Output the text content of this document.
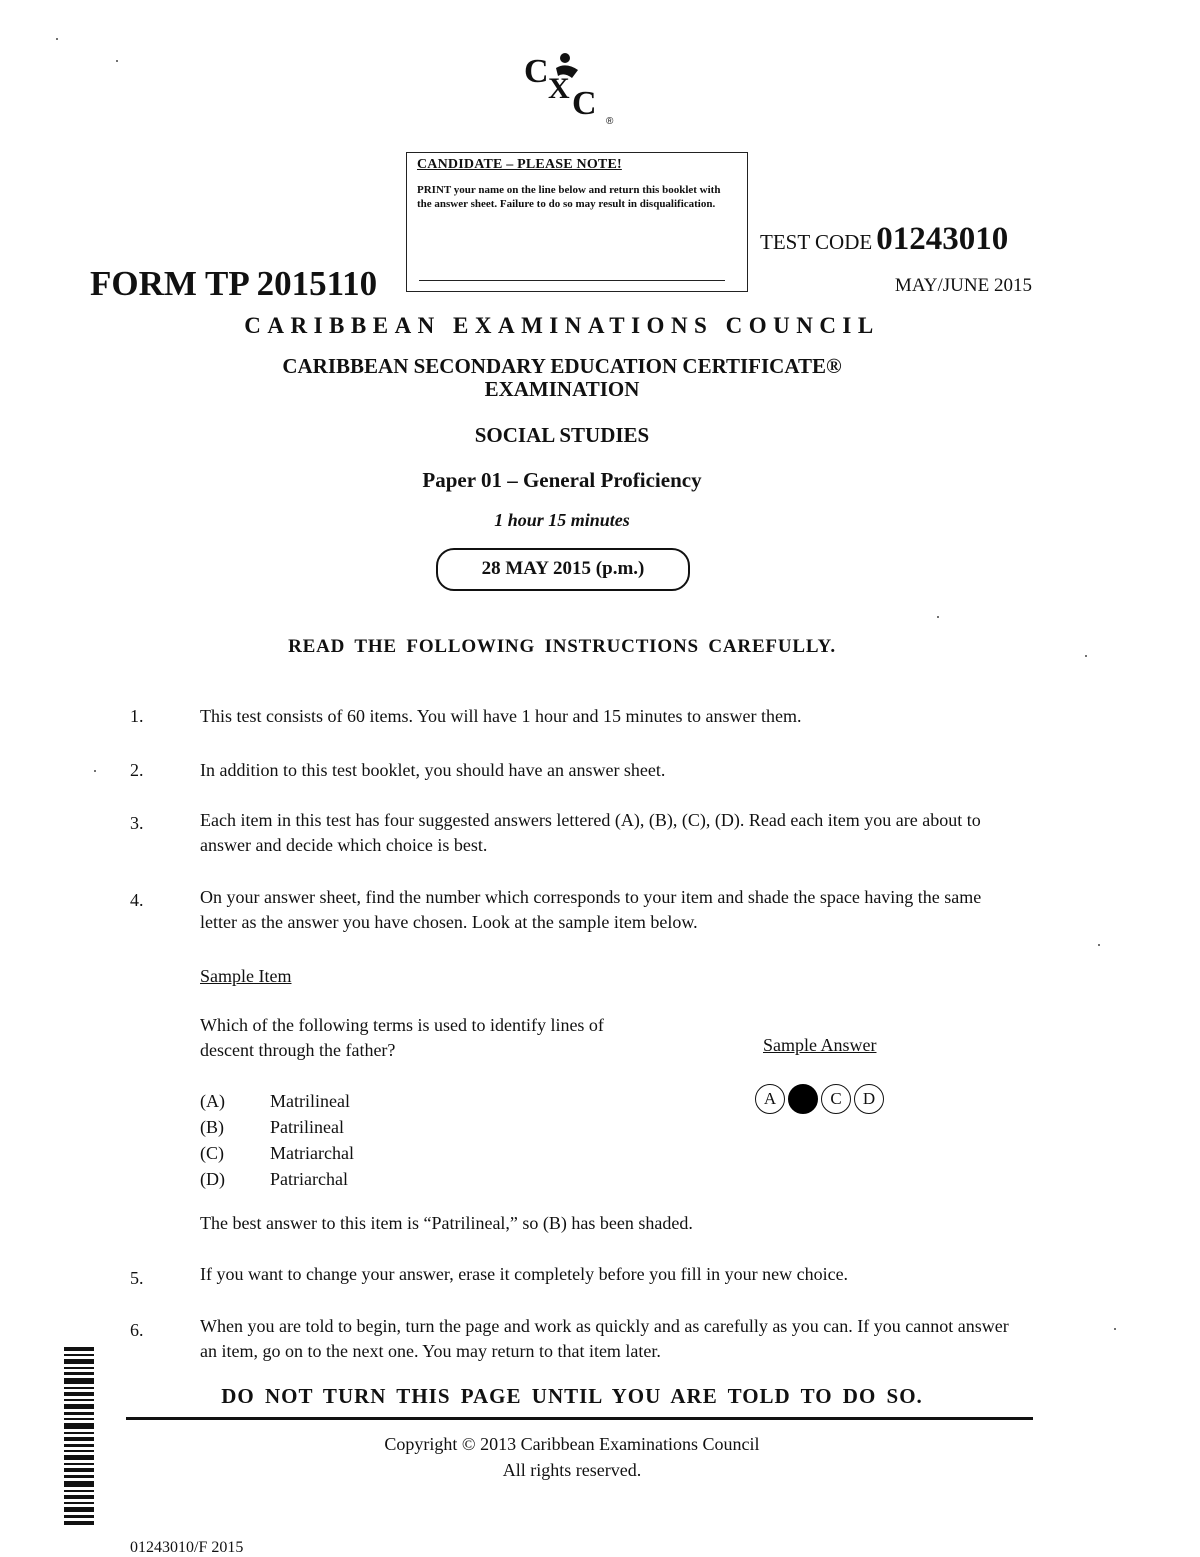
C X C ®
CANDIDATE – PLEASE NOTE!
PRINT your name on the line below and return this booklet with the answer sheet. Failure to do so may result in disqualification.
FORM TP 2015110
TEST CODE 01243010
MAY/JUNE 2015
CARIBBEAN EXAMINATIONS COUNCIL
CARIBBEAN SECONDARY EDUCATION CERTIFICATE®
EXAMINATION
SOCIAL STUDIES
Paper 01 – General Proficiency
1 hour 15 minutes
28 MAY 2015 (p.m.)
READ THE FOLLOWING INSTRUCTIONS CAREFULLY.
1.	This test consists of 60 items. You will have 1 hour and 15 minutes to answer them.
2.	In addition to this test booklet, you should have an answer sheet.
3.	Each item in this test has four suggested answers lettered (A), (B), (C), (D). Read each item you are about to answer and decide which choice is best.
4.	On your answer sheet, find the number which corresponds to your item and shade the space having the same letter as the answer you have chosen. Look at the sample item below.
Sample Item
Which of the following terms is used to identify lines of descent through the father?	Sample Answer
A	B	C	D
(A)	Matrilineal
(B)	Patrilineal
(C)	Matriarchal
(D)	Patriarchal
The best answer to this item is “Patrilineal,” so (B) has been shaded.
5.	If you want to change your answer, erase it completely before you fill in your new choice.
6.	When you are told to begin, turn the page and work as quickly and as carefully as you can. If you cannot answer an item, go on to the next one. You may return to that item later.
DO NOT TURN THIS PAGE UNTIL YOU ARE TOLD TO DO SO.
Copyright © 2013 Caribbean Examinations Council
All rights reserved.
01243010/F 2015
